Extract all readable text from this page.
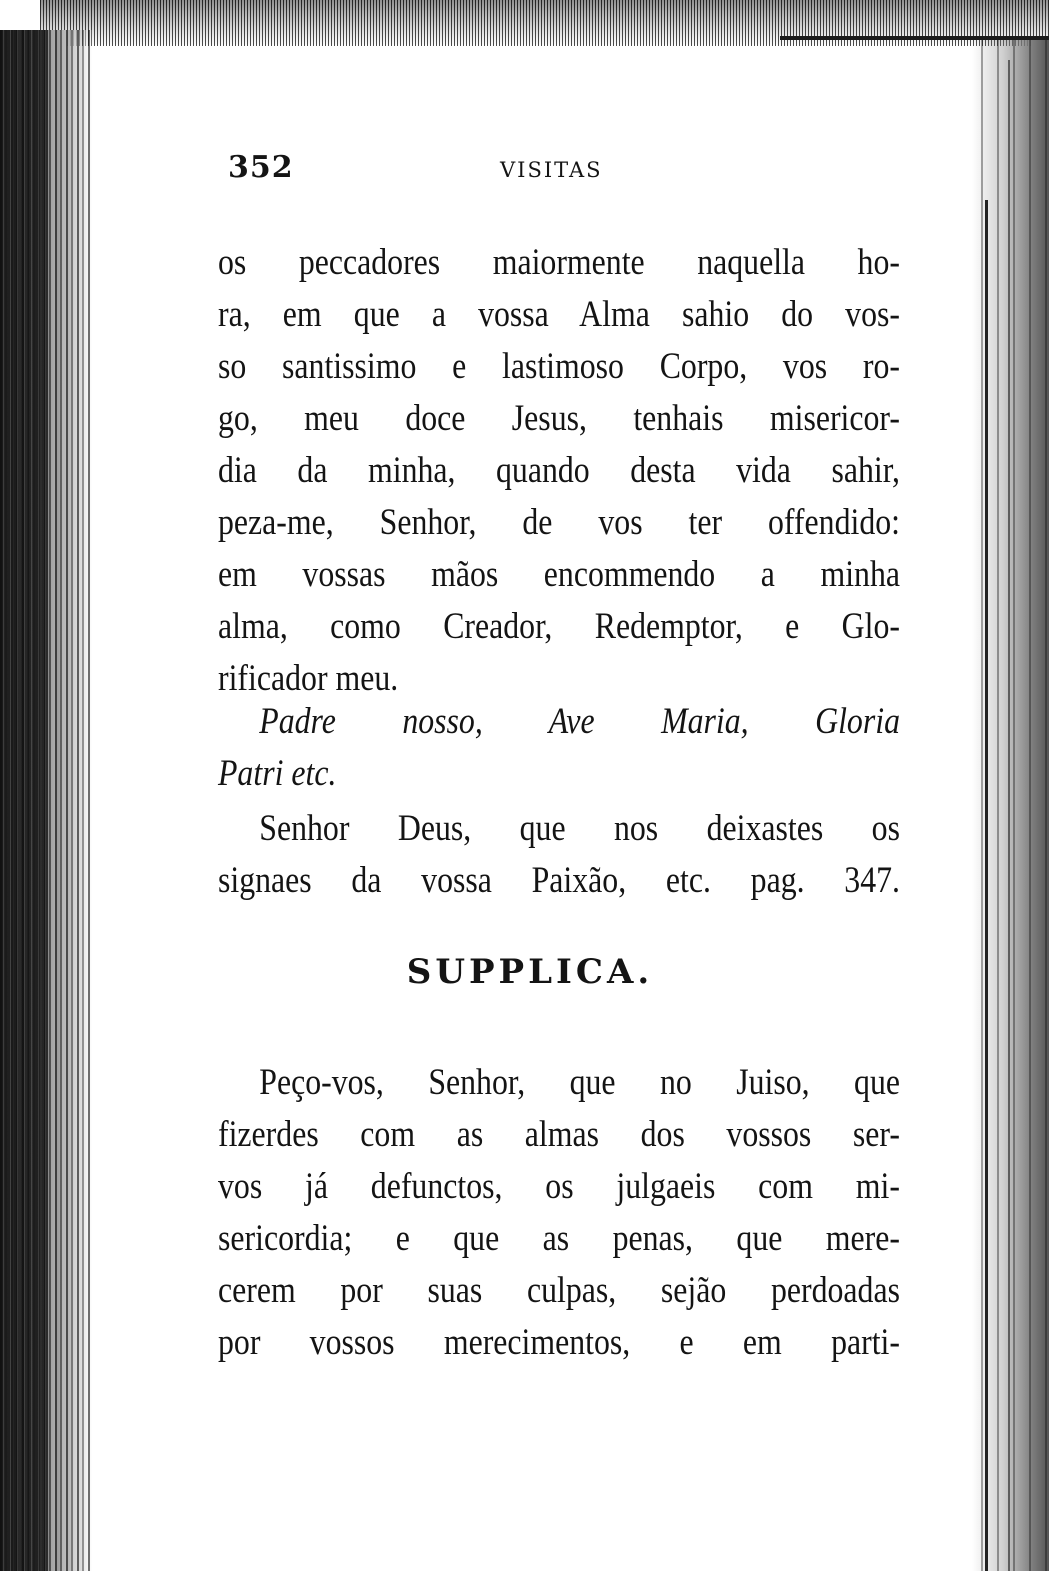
352	VISITAS
os peccadores maiormente naquella ho-
ra, em que a vossa Alma sahio do vos-
so santissimo e lastimoso Corpo, vos ro-
go, meu doce Jesus, tenhais misericor-
dia da minha, quando desta vida sahir,
peza-me, Senhor, de vos ter offendido:
em vossas mãos encommendo a minha
alma, como Creador, Redemptor, e Glo-
rificador meu.
Padre nosso, Ave Maria, Gloria
Patri etc.
Senhor Deus, que nos deixastes os
signaes da vossa Paixão, etc. pag. 347.
SUPPLICA.
Peço-vos, Senhor, que no Juiso, que
fizerdes com as almas dos vossos ser-
vos já defunctos, os julgaeis com mi-
sericordia; e que as penas, que mere-
cerem por suas culpas, sejão perdoadas
por vossos merecimentos, e em parti-
